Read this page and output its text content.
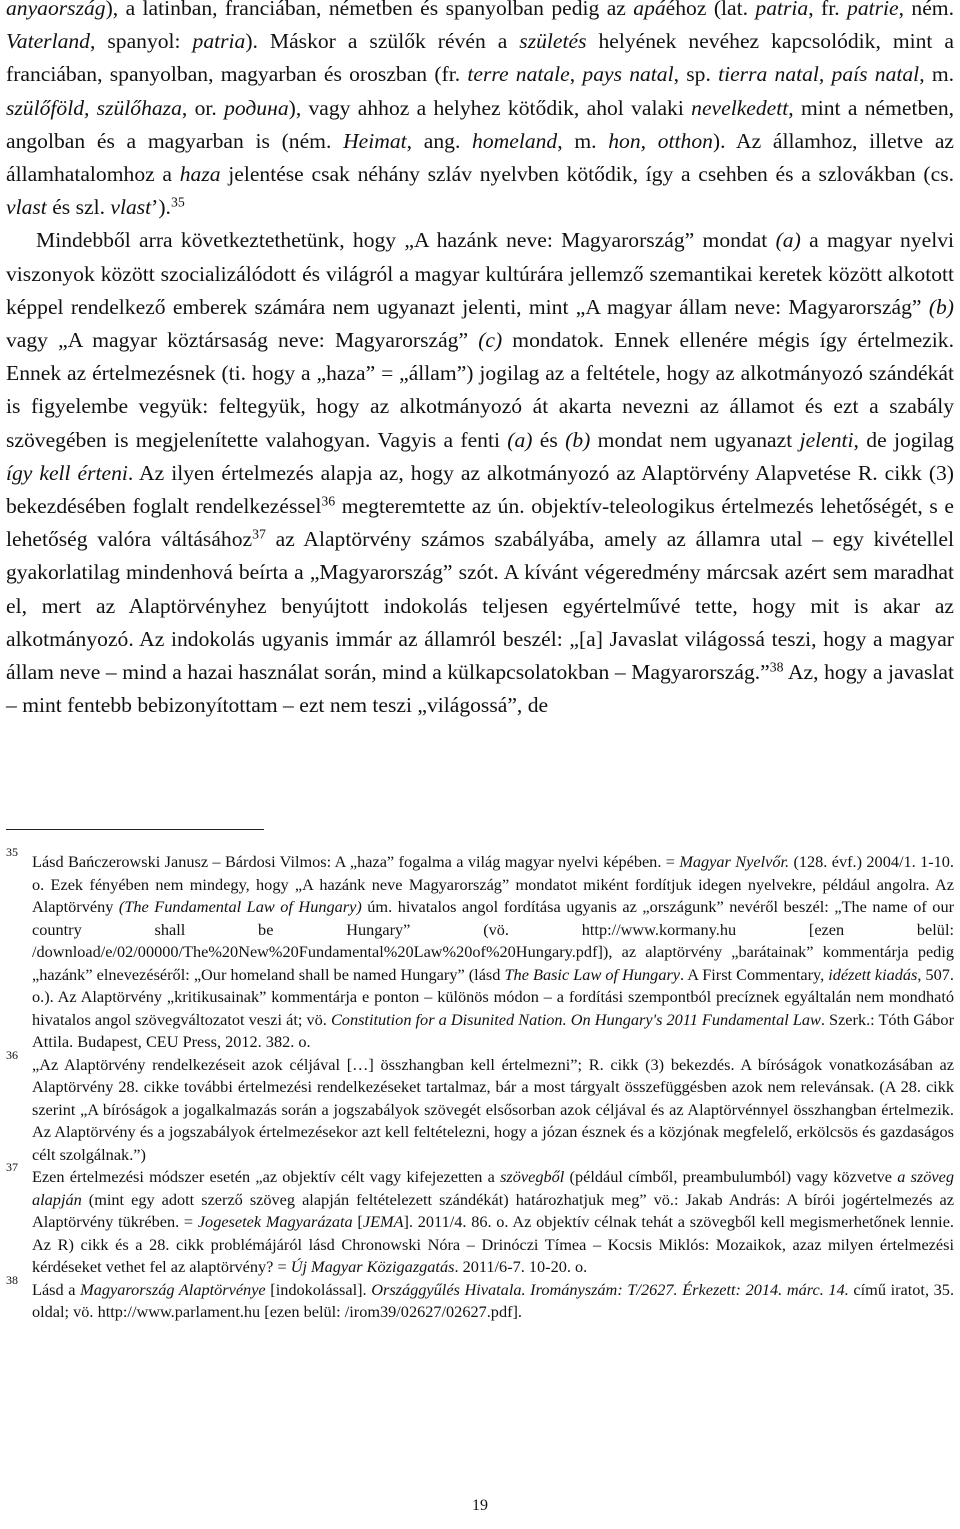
anyaország), a latinban, franciában, németben és spanyolban pedig az apáéhoz (lat. patria, fr. patrie, ném. Vaterland, spanyol: patria). Máskor a szülők révén a születés helyének nevéhez kapcsolódik, mint a franciában, spanyolban, magyarban és oroszban (fr. terre natale, pays natal, sp. tierra natal, país natal, m. szülőföld, szülőhaza, or. родина), vagy ahhoz a helyhez kötődik, ahol valaki nevelkedett, mint a németben, angolban és a magyarban is (ném. Heimat, ang. homeland, m. hon, otthon). Az államhoz, illetve az államhatalomhoz a haza jelentése csak néhány szláv nyelvben kötődik, így a csehben és a szlovákban (cs. vlast és szl. vlast’).$^{35}$

Mindebből arra következtethetünk, hogy „A hazánk neve: Magyarország” mondat (a) a magyar nyelvi viszonyok között szocializálódott és világról a magyar kultúrára jellemző szemantikai keretek között alkotott képpel rendelkező emberek számára nem ugyanazt jelenti, mint „A magyar állam neve: Magyarország” (b) vagy „A magyar köztársaság neve: Magyarország” (c) mondatok. Ennek ellenére mégis így értelmezik. Ennek az értelmezésnek (ti. hogy a „haza” = „állam”) jogilag az a feltétele, hogy az alkotmányozó szándékát is figyelembe vegyük: feltegyük, hogy az alkotmányozó át akarta nevezni az államot és ezt a szabály szövegében is megjelenítette valahogyan. Vagyis a fenti (a) és (b) mondat nem ugyanazt jelenti, de jogilag így kell érteni. Az ilyen értelmezés alapja az, hogy az alkotmányozó az Alaptörvény Alapvetése R. cikk (3) bekezdésében foglalt rendelkezéssel$^{36}$ megteremtette az ún. objektív-teleologikus értelmezés lehetőségét, s e lehetőség valóra váltásához$^{37}$ az Alaptörvény számos szabályába, amely az államra utal – egy kivétellel gyakorlatilag mindenhová beírta a „Magyarország” szót. A kívánt végeredmény márcsak azért sem maradhat el, mert az Alaptörvényhez benyújtott indokolás teljesen egyértelművé tette, hogy mit is akar az alkotmányozó. Az indokolás ugyanis immár az államról beszél: „[a] Javaslat világossá teszi, hogy a magyar állam neve – mind a hazai használat során, mind a külkapcsolatokban – Magyarország.”$^{38}$ Az, hogy a javaslat – mint fentebb bebizonyítottam – ezt nem teszi „világossá”, de

35 Lásd Bańczerowski Janusz – Bárdosi Vilmos: A „haza” fogalma a világ magyar nyelvi képében. = Magyar Nyelvőr. (128. évf.) 2004/1. 1-10. o. Ezek fényében nem mindegy, hogy „A hazánk neve Magyarország” mondatot miként fordítjuk idegen nyelvekre, például angolra. Az Alaptörvény (The Fundamental Law of Hungary) úm. hivatalos angol fordítása ugyanis az „országunk” nevéről beszél: „The name of our country shall be Hungary” (vö. http://www.kormany.hu [ezen belül: /download/e/02/00000/The%20New%20Fundamental%20Law%20of%20Hungary.pdf]), az alaptörvény „barátainak” kommentárja pedig „hazánk” elnevezéséről: „Our homeland shall be named Hungary” (lásd The Basic Law of Hungary. A First Commentary, idézett kiadás, 507. o.). Az Alaptörvény „kritikusainak” kommentárja e ponton – különös módon – a fordítási szempontból precíznek egyáltalán nem mondható hivatalos angol szövegváltozatot veszi át; vö. Constitution for a Disunited Nation. On Hungary's 2011 Fundamental Law. Szerk.: Tóth Gábor Attila. Budapest, CEU Press, 2012. 382. o.
36 „Az Alaptörvény rendelkezéseit azok céljával […] összhangban kell értelmezni”; R. cikk (3) bekezdés. A bíróságok vonatkozásában az Alaptörvény 28. cikke további értelmezési rendelkezéseket tartalmaz, bár a most tárgyalt összefüggésben azok nem relevánsak. (A 28. cikk szerint „A bíróságok a jogalkalmazás során a jogszabályok szövegét elsősorban azok céljával és az Alaptörvénnyel összhangban értelmezik. Az Alaptörvény és a jogszabályok értelmezésekor azt kell feltételezni, hogy a józan észnek és a közjónak megfelelő, erkölcsös és gazdaságos célt szolgálnak.”)
37 Ezen értelmezési módszer esetén „az objektív célt vagy kifejezetten a szövegből (például címből, preambulumból) vagy közvetve a szöveg alapján (mint egy adott szerző szöveg alapján feltételezett szándékát) határozhatjuk meg” vö.: Jakab András: A bírói jogértelmezés az Alaptörvény tükrében. = Jogesetek Magyarázata [JEMA]. 2011/4. 86. o. Az objektív célnak tehát a szövegből kell megismerhetőnek lennie. Az R) cikk és a 28. cikk problémájáról lásd Chronowski Nóra – Drinóczi Tímea – Kocsis Miklós: Mozaikok, azaz milyen értelmezési kérdéseket vethet fel az alaptörvény? = Új Magyar Közigazgatás. 2011/6-7. 10-20. o.
38 Lásd a Magyarország Alaptörvénye [indokolással]. Országgyűlés Hivatala. Irományszám: T/2627. Érkezett: 2014. márc. 14. című iratot, 35. oldal; vö. http://www.parlament.hu [ezen belül: /irom39/02627/02627.pdf].
19
